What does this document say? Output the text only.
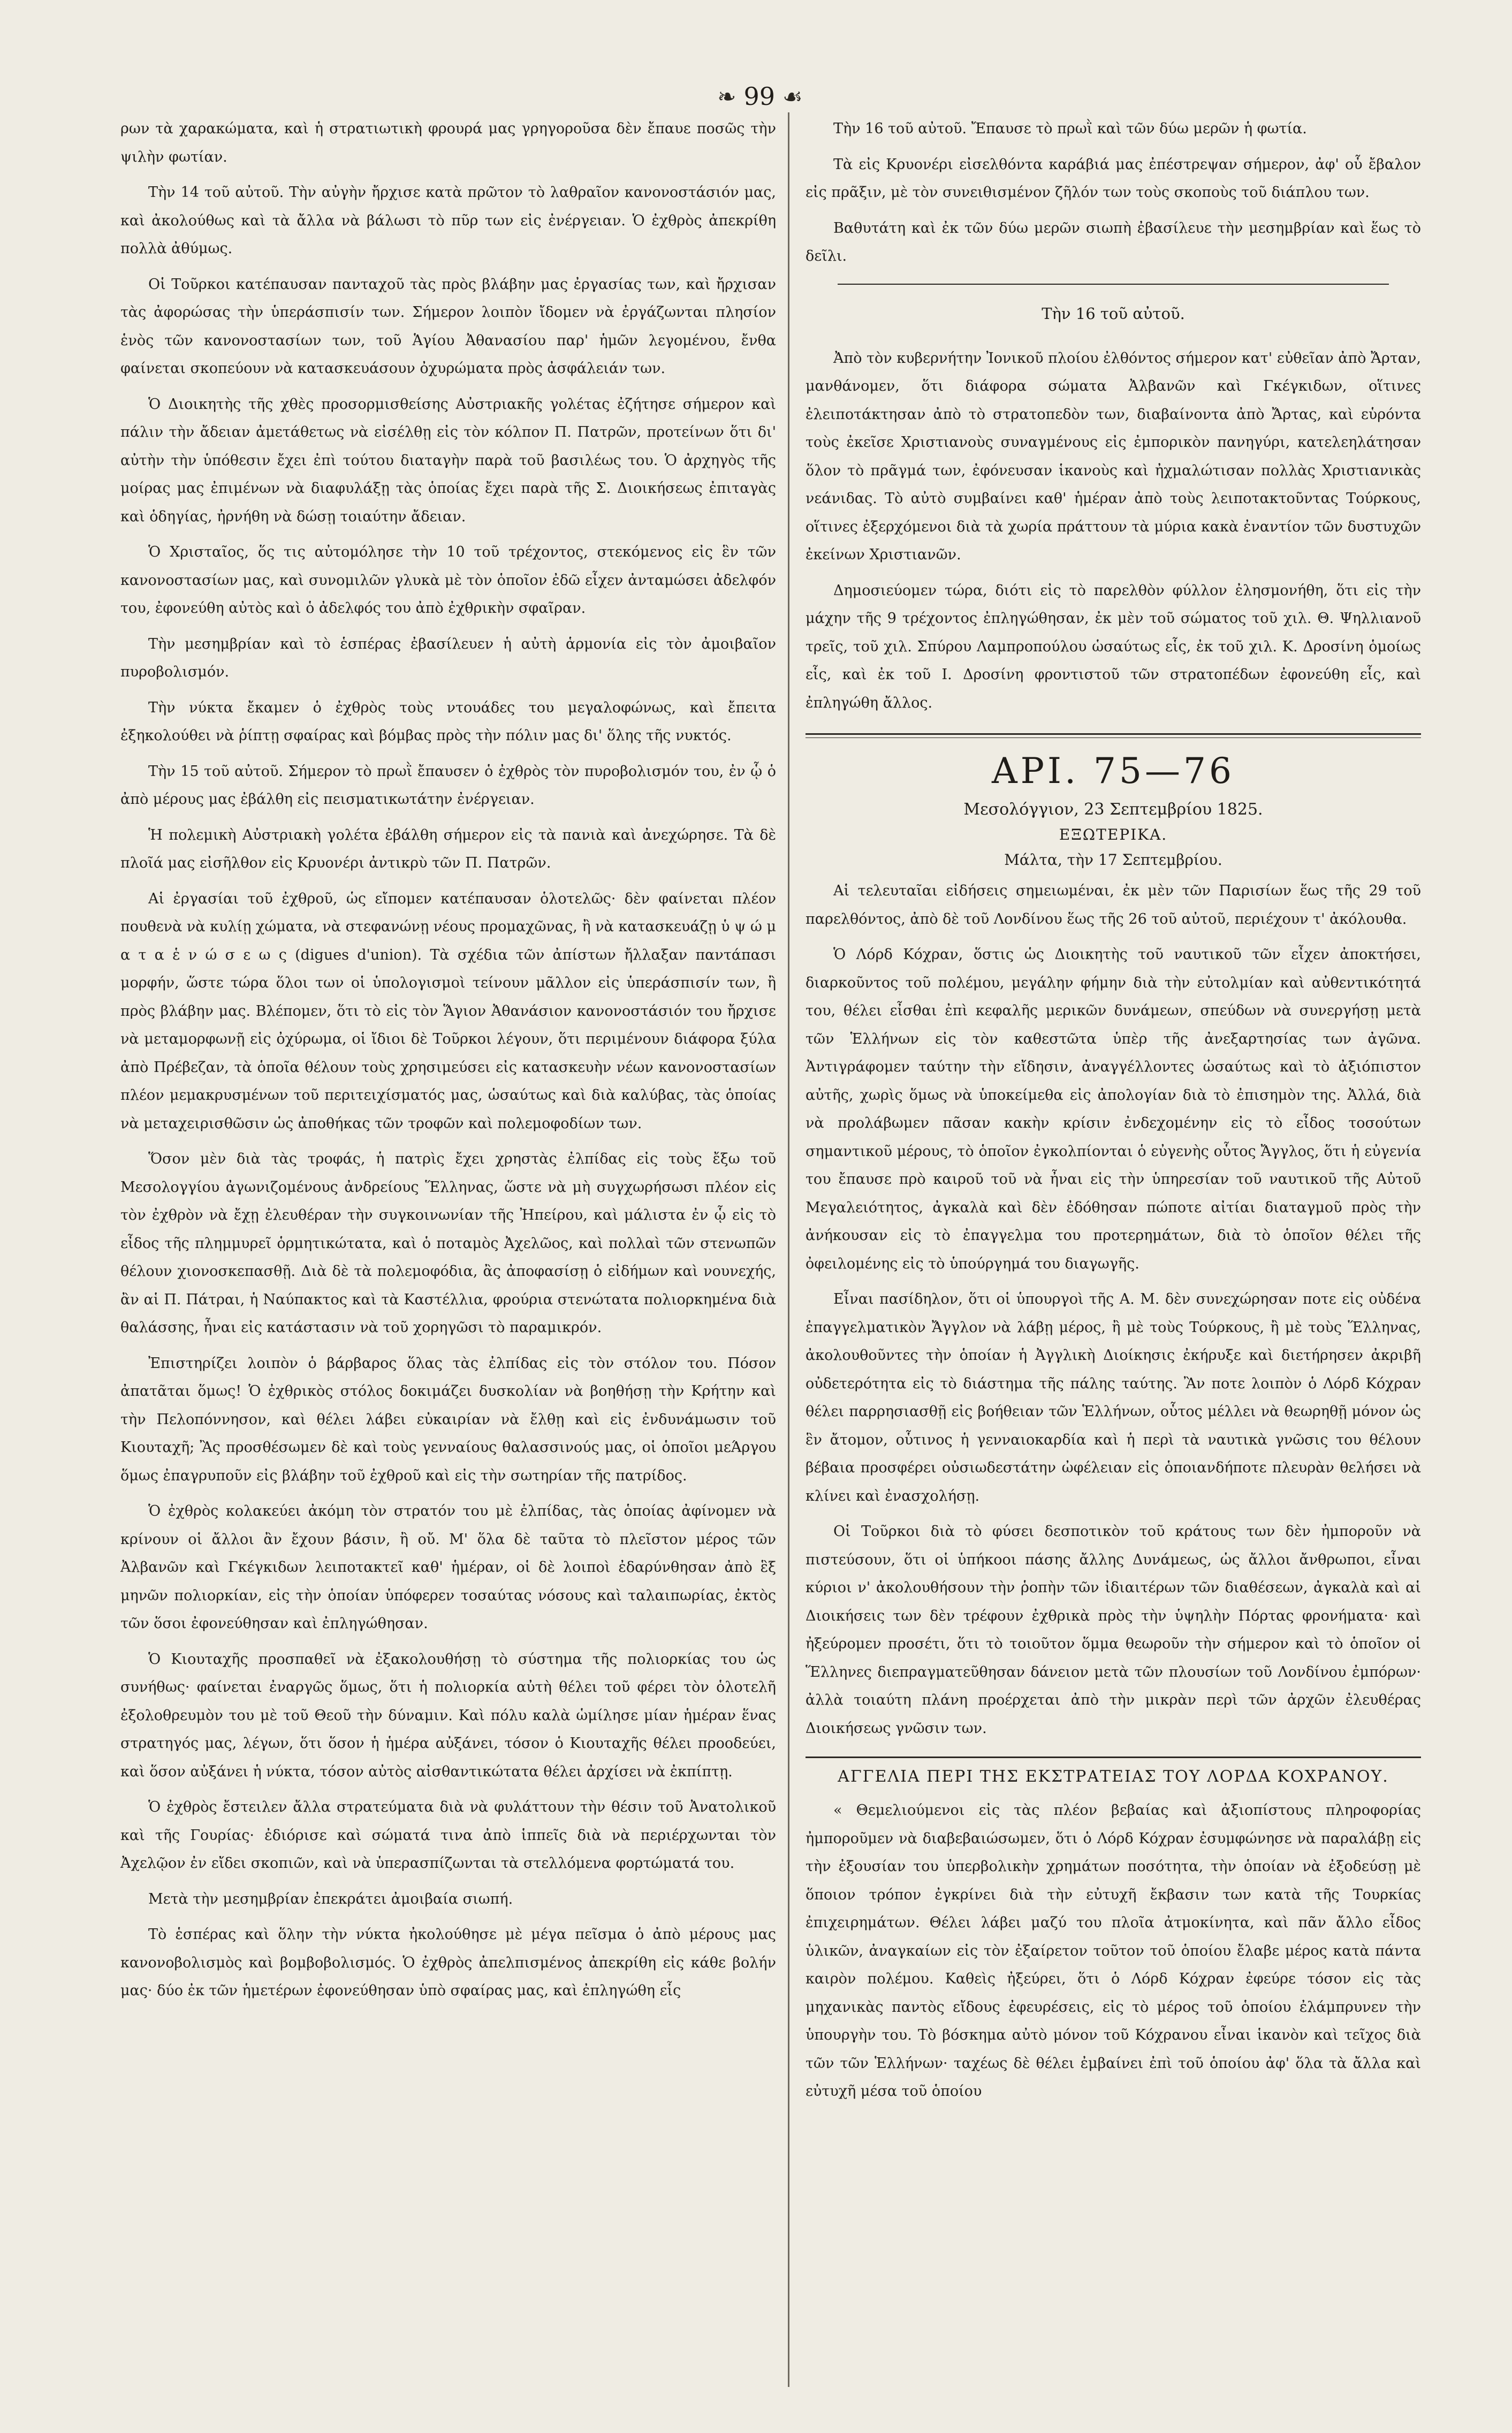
❧ 99 ☙

ρων τὰ χαρακώματα, καὶ ἡ στρατιωτικὴ φρουρά μας γρηγοροῦσα δὲν ἔπαυε ποσῶς τὴν ψιλὴν φωτίαν.

Τὴν 14 τοῦ αὐτοῦ. Τὴν αὐγὴν ἤρχισε κατὰ πρῶτον τὸ λαθραῖον κανονοστάσιόν μας, καὶ ἀκολούθως καὶ τὰ ἄλλα νὰ βάλωσι τὸ πῦρ των εἰς ἐνέργειαν. Ὁ ἐχθρὸς ἀπεκρίθη πολλὰ ἀθύμως.

Οἱ Τοῦρκοι κατέπαυσαν πανταχοῦ τὰς πρὸς βλάβην μας ἐργασίας των, καὶ ἤρχισαν τὰς ἀφορώσας τὴν ὑπεράσπισίν των. Σήμερον λοιπὸν ἴδομεν νὰ ἐργάζωνται πλησίον ἑνὸς τῶν κανονοστασίων των, τοῦ Ἁγίου Ἀθανασίου παρ' ἡμῶν λεγομένου, ἔνθα φαίνεται σκοπεύουν νὰ κατασκευάσουν ὀχυρώματα πρὸς ἀσφάλειάν των.

Ὁ Διοικητὴς τῆς χθὲς προσορμισθείσης Αὐστριακῆς γολέτας ἐζήτησε σήμερον καὶ πάλιν τὴν ἄδειαν ἀμετάθετως νὰ εἰσέλθῃ εἰς τὸν κόλπον Π. Πατρῶν, προτείνων ὅτι δι' αὐτὴν τὴν ὑπόθεσιν ἔχει ἐπὶ τούτου διαταγὴν παρὰ τοῦ βασιλέως του. Ὁ ἀρχηγὸς τῆς μοίρας μας ἐπιμένων νὰ διαφυλάξῃ τὰς ὁποίας ἔχει παρὰ τῆς Σ. Διοικήσεως ἐπιταγὰς καὶ ὁδηγίας, ἠρνήθη νὰ δώσῃ τοιαύτην ἄδειαν.

Ὁ Χρισταῖος, ὅς τις αὐτομόλησε τὴν 10 τοῦ τρέχοντος, στεκόμενος εἰς ἓν τῶν κανονοστασίων μας, καὶ συνομιλῶν γλυκὰ μὲ τὸν ὁποῖον ἐδῶ εἶχεν ἀνταμώσει ἀδελφόν του, ἐφονεύθη αὐτὸς καὶ ὁ ἀδελφός του ἀπὸ ἐχθρικὴν σφαῖραν.

Τὴν μεσημβρίαν καὶ τὸ ἑσπέρας ἐβασίλευεν ἡ αὐτὴ ἁρμονία εἰς τὸν ἀμοιβαῖον πυροβολισμόν.

Τὴν νύκτα ἔκαμεν ὁ ἐχθρὸς τοὺς ντουάδες του μεγαλοφώνως, καὶ ἔπειτα ἐξηκολούθει νὰ ῥίπτῃ σφαίρας καὶ βόμβας πρὸς τὴν πόλιν μας δι' ὅλης τῆς νυκτός.

Τὴν 15 τοῦ αὐτοῦ. Σήμερον τὸ πρωῒ ἔπαυσεν ὁ ἐχθρὸς τὸν πυροβολισμόν του, ἐν ᾧ ὁ ἀπὸ μέρους μας ἐβάλθη εἰς πεισματικωτάτην ἐνέργειαν.

Ἡ πολεμικὴ Αὐστριακὴ γολέτα ἐβάλθη σήμερον εἰς τὰ πανιὰ καὶ ἀνεχώρησε. Τὰ δὲ πλοῖά μας εἰσῆλθον εἰς Κρυονέρι ἀντικρὺ τῶν Π. Πατρῶν.

Αἱ ἐργασίαι τοῦ ἐχθροῦ, ὡς εἴπομεν κατέπαυσαν ὁλοτελῶς· δὲν φαίνεται πλέον πουθενὰ νὰ κυλίῃ χώματα, νὰ στεφανώνῃ νέους προμαχῶνας, ἢ νὰ κατασκευάζῃ ὑ ψ ώ μ α τ α ἑ ν ώ σ ε ω ς (digues d'union). Τὰ σχέδια τῶν ἀπίστων ἤλλαξαν παντάπασι μορφήν, ὥστε τώρα ὅλοι των οἱ ὑπολογισμοὶ τείνουν μᾶλλον εἰς ὑπεράσπισίν των, ἢ πρὸς βλάβην μας. Βλέπομεν, ὅτι τὸ εἰς τὸν Ἅγιον Ἀθανάσιον κανονοστάσιόν του ἤρχισε νὰ μεταμορφωνῇ εἰς ὀχύρωμα, οἱ ἴδιοι δὲ Τοῦρκοι λέγουν, ὅτι περιμένουν διάφορα ξύλα ἀπὸ Πρέβεζαν, τὰ ὁποῖα θέλουν τοὺς χρησιμεύσει εἰς κατασκευὴν νέων κανονοστασίων πλέον μεμακρυσμένων τοῦ περιτειχίσματός μας, ὡσαύτως καὶ διὰ καλύβας, τὰς ὁποίας νὰ μεταχειρισθῶσιν ὡς ἀποθήκας τῶν τροφῶν καὶ πολεμοφοδίων των.

Ὅσον μὲν διὰ τὰς τροφάς, ἡ πατρὶς ἔχει χρηστὰς ἐλπίδας εἰς τοὺς ἔξω τοῦ Μεσολογγίου ἀγωνιζομένους ἀνδρείους Ἕλληνας, ὥστε νὰ μὴ συγχωρήσωσι πλέον εἰς τὸν ἐχθρὸν νὰ ἔχῃ ἐλευθέραν τὴν συγκοινωνίαν τῆς Ἠπείρου, καὶ μάλιστα ἐν ᾧ εἰς τὸ εἶδος τῆς πλημμυρεῖ ὁρμητικώτατα, καὶ ὁ ποταμὸς Ἀχελῶος, καὶ πολλαὶ τῶν στενωπῶν θέλουν χιονοσκεπασθῇ. Διὰ δὲ τὰ πολεμοφόδια, ἂς ἀποφασίσῃ ὁ εἰδήμων καὶ νουνεχής, ἂν αἱ Π. Πάτραι, ἡ Ναύπακτος καὶ τὰ Καστέλλια, φρούρια στενώτατα πολιορκημένα διὰ θαλάσσης, ἦναι εἰς κατάστασιν νὰ τοῦ χορηγῶσι τὸ παραμικρόν.

Ἐπιστηρίζει λοιπὸν ὁ βάρβαρος ὅλας τὰς ἐλπίδας εἰς τὸν στόλον του. Πόσον ἀπατᾶται ὅμως! Ὁ ἐχθρικὸς στόλος δοκιμάζει δυσκολίαν νὰ βοηθήσῃ τὴν Κρήτην καὶ τὴν Πελοπόννησον, καὶ θέλει λάβει εὐκαιρίαν νὰ ἔλθῃ καὶ εἰς ἐνδυνάμωσιν τοῦ Κιουταχῆ; Ἂς προσθέσωμεν δὲ καὶ τοὺς γενναίους θαλασσινούς μας, οἱ ὁποῖοι μεΆργου ὅμως ἐπαγρυποῦν εἰς βλάβην τοῦ ἐχθροῦ καὶ εἰς τὴν σωτηρίαν τῆς πατρίδος.

Ὁ ἐχθρὸς κολακεύει ἀκόμη τὸν στρατόν του μὲ ἐλπίδας, τὰς ὁποίας ἀφίνομεν νὰ κρίνουν οἱ ἄλλοι ἂν ἔχουν βάσιν, ἢ οὔ. Μ' ὅλα δὲ ταῦτα τὸ πλεῖστον μέρος τῶν Ἀλβανῶν καὶ Γκέγκιδων λειποτακτεῖ καθ' ἡμέραν, οἱ δὲ λοιποὶ ἐδαρύνθησαν ἀπὸ ἓξ μηνῶν πολιορκίαν, εἰς τὴν ὁποίαν ὑπόφερεν τοσαύτας νόσους καὶ ταλαιπωρίας, ἐκτὸς τῶν ὅσοι ἐφονεύθησαν καὶ ἐπληγώθησαν.

Ὁ Κιουταχῆς προσπαθεῖ νὰ ἐξακολουθήσῃ τὸ σύστημα τῆς πολιορκίας του ὡς συνήθως· φαίνεται ἐναργῶς ὅμως, ὅτι ἡ πολιορκία αὐτὴ θέλει τοῦ φέρει τὸν ὁλοτελῆ ἐξολοθρευμὸν του μὲ τοῦ Θεοῦ τὴν δύναμιν. Καὶ πόλυ καλὰ ὡμίλησε μίαν ἡμέραν ἕνας στρατηγός μας, λέγων, ὅτι ὅσον ἡ ἡμέρα αὐξάνει, τόσον ὁ Κιουταχῆς θέλει προοδεύει, καὶ ὅσον αὐξάνει ἡ νύκτα, τόσον αὐτὸς αἰσθαντικώτατα θέλει ἀρχίσει νὰ ἐκπίπτῃ.

Ὁ ἐχθρὸς ἔστειλεν ἄλλα στρατεύματα διὰ νὰ φυλάττουν τὴν θέσιν τοῦ Ἀνατολικοῦ καὶ τῆς Γουρίας· ἐδιόρισε καὶ σώματά τινα ἀπὸ ἱππεῖς διὰ νὰ περιέρχωνται τὸν Ἀχελῷον ἐν εἴδει σκοπιῶν, καὶ νὰ ὑπερασπίζωνται τὰ στελλόμενα φορτώματά του.

Μετὰ τὴν μεσημβρίαν ἐπεκράτει ἀμοιβαία σιωπή.

Τὸ ἑσπέρας καὶ ὅλην τὴν νύκτα ἠκολούθησε μὲ μέγα πεῖσμα ὁ ἀπὸ μέρους μας κανονοβολισμὸς καὶ βομβοβολισμός. Ὁ ἐχθρὸς ἀπελπισμένος ἀπεκρίθη εἰς κάθε βολήν μας· δύο ἐκ τῶν ἡμετέρων ἐφονεύθησαν ὑπὸ σφαίρας μας, καὶ ἐπληγώθη εἷς

Τὴν 16 τοῦ αὐτοῦ. Ἔπαυσε τὸ πρωῒ καὶ τῶν δύω μερῶν ἡ φωτία.

Τὰ εἰς Κρυονέρι εἰσελθόντα καράβιά μας ἐπέστρεψαν σήμερον, ἀφ' οὗ ἔβαλον εἰς πρᾶξιν, μὲ τὸν συνειθισμένον ζῆλόν των τοὺς σκοποὺς τοῦ διάπλου των.

Βαθυτάτη καὶ ἐκ τῶν δύω μερῶν σιωπὴ ἐβασίλευε τὴν μεσημβρίαν καὶ ἕως τὸ δεῖλι.

Τὴν 16 τοῦ αὐτοῦ.

Ἀπὸ τὸν κυβερνήτην Ἰονικοῦ πλοίου ἐλθόντος σήμερον κατ' εὐθεῖαν ἀπὸ Ἄρταν, μανθάνομεν, ὅτι διάφορα σώματα Ἀλβανῶν καὶ Γκέγκιδων, οἵτινες ἐλειποτάκτησαν ἀπὸ τὸ στρατοπεδὸν των, διαβαίνοντα ἀπὸ Ἄρτας, καὶ εὑρόντα τοὺς ἐκεῖσε Χριστιανοὺς συναγμένους εἰς ἐμπορικὸν πανηγύρι, κατελεηλάτησαν ὅλον τὸ πρᾶγμά των, ἐφόνευσαν ἱκανοὺς καὶ ἠχμαλώτισαν πολλὰς Χριστιανικὰς νεάνιδας. Τὸ αὐτὸ συμβαίνει καθ' ἡμέραν ἀπὸ τοὺς λειποτακτοῦντας Τούρκους, οἵτινες ἐξερχόμενοι διὰ τὰ χωρία πράττουν τὰ μύρια κακὰ ἐναντίον τῶν δυστυχῶν ἐκείνων Χριστιανῶν.

Δημοσιεύομεν τώρα, διότι εἰς τὸ παρελθὸν φύλλον ἐλησμονήθη, ὅτι εἰς τὴν μάχην τῆς 9 τρέχοντος ἐπληγώθησαν, ἐκ μὲν τοῦ σώματος τοῦ χιλ. Θ. Ψηλλιανοῦ τρεῖς, τοῦ χιλ. Σπύρου Λαμπροπούλου ὡσαύτως εἷς, ἐκ τοῦ χιλ. Κ. Δροσίνη ὁμοίως εἷς, καὶ ἐκ τοῦ Ι. Δροσίνη φροντιστοῦ τῶν στρατοπέδων ἐφονεύθη εἷς, καὶ ἐπληγώθη ἄλλος.

ΑΡΙ. 75—76

Μεσολόγγιον, 23 Σεπτεμβρίου 1825.

ΕΞΩΤΕΡΙΚΑ.

Μάλτα, τὴν 17 Σεπτεμβρίου.

Αἱ τελευταῖαι εἰδήσεις σημειωμέναι, ἐκ μὲν τῶν Παρισίων ἕως τῆς 29 τοῦ παρελθόντος, ἀπὸ δὲ τοῦ Λονδίνου ἕως τῆς 26 τοῦ αὐτοῦ, περιέχουν τ' ἀκόλουθα.

Ὁ Λόρδ Κόχραν, ὅστις ὡς Διοικητὴς τοῦ ναυτικοῦ τῶν εἶχεν ἀποκτήσει, διαρκοῦντος τοῦ πολέμου, μεγάλην φήμην διὰ τὴν εὐτολμίαν καὶ αὐθεντικότητά του, θέλει εἶσθαι ἐπὶ κεφαλῆς μερικῶν δυνάμεων, σπεύδων νὰ συνεργήσῃ μετὰ τῶν Ἑλλήνων εἰς τὸν καθεστῶτα ὑπὲρ τῆς ἀνεξαρτησίας των ἀγῶνα. Ἀντιγράφομεν ταύτην τὴν εἴδησιν, ἀναγγέλλοντες ὡσαύτως καὶ τὸ ἀξιόπιστον αὐτῆς, χωρὶς ὅμως νὰ ὑποκείμεθα εἰς ἀπολογίαν διὰ τὸ ἐπισημὸν της. Ἀλλά, διὰ νὰ προλάβωμεν πᾶσαν κακὴν κρίσιν ἐνδεχομένην εἰς τὸ εἶδος τοσούτων σημαντικοῦ μέρους, τὸ ὁποῖον ἐγκολπίονται ὁ εὐγενὴς οὗτος Ἄγγλος, ὅτι ἡ εὐγενία του ἔπαυσε πρὸ καιροῦ τοῦ νὰ ἦναι εἰς τὴν ὑπηρεσίαν τοῦ ναυτικοῦ τῆς Αὐτοῦ Μεγαλειότητος, ἀγκαλὰ καὶ δὲν ἐδόθησαν πώποτε αἰτίαι διαταγμοῦ πρὸς τὴν ἀνήκουσαν εἰς τὸ ἐπαγγελμα του προτερημάτων, διὰ τὸ ὁποῖον θέλει τῆς ὀφειλομένης εἰς τὸ ὑπούργημά του διαγωγῆς.

Εἶναι πασίδηλον, ὅτι οἱ ὑπουργοὶ τῆς Α. Μ. δὲν συνεχώρησαν ποτε εἰς οὐδένα ἐπαγγελματικὸν Ἄγγλον νὰ λάβῃ μέρος, ἢ μὲ τοὺς Τούρκους, ἢ μὲ τοὺς Ἕλληνας, ἀκολουθοῦντες τὴν ὁποίαν ἡ Ἀγγλικὴ Διοίκησις ἐκήρυξε καὶ διετήρησεν ἀκριβῆ οὐδετερότητα εἰς τὸ διάστημα τῆς πάλης ταύτης. Ἂν ποτε λοιπὸν ὁ Λόρδ Κόχραν θέλει παρρησιασθῇ εἰς βοήθειαν τῶν Ἑλλήνων, οὗτος μέλλει νὰ θεωρηθῇ μόνον ὡς ἓν ἄτομον, οὗτινος ἡ γενναιοκαρδία καὶ ἡ περὶ τὰ ναυτικὰ γνῶσις του θέλουν βέβαια προσφέρει οὐσιωδεστάτην ὠφέλειαν εἰς ὁποιανδήποτε πλευρὰν θελήσει νὰ κλίνει καὶ ἐνασχολήσῃ.

Οἱ Τοῦρκοι διὰ τὸ φύσει δεσποτικὸν τοῦ κράτους των δὲν ἠμποροῦν νὰ πιστεύσουν, ὅτι οἱ ὑπήκοοι πάσης ἄλλης Δυνάμεως, ὡς ἄλλοι ἄνθρωποι, εἶναι κύριοι ν' ἀκολουθήσουν τὴν ῥοπὴν τῶν ἰδιαιτέρων τῶν διαθέσεων, ἀγκαλὰ καὶ αἱ Διοικήσεις των δὲν τρέφουν ἐχθρικὰ πρὸς τὴν ὑψηλὴν Πόρτας φρονήματα· καὶ ἠξεύρομεν προσέτι, ὅτι τὸ τοιοῦτον ὅμμα θεωροῦν τὴν σήμερον καὶ τὸ ὁποῖον οἱ Ἕλληνες διεπραγματεῦθησαν δάνειον μετὰ τῶν πλουσίων τοῦ Λονδίνου ἐμπόρων· ἀλλὰ τοιαύτη πλάνη προέρχεται ἀπὸ τὴν μικρὰν περὶ τῶν ἀρχῶν ἐλευθέρας Διοικήσεως γνῶσιν των.

ΑΓΓΕΛΙΑ ΠΕΡΙ ΤΗΣ ΕΚΣΤΡΑΤΕΙΑΣ ΤΟΥ ΛΟΡΔΑ ΚΟΧΡΑΝΟΥ.

« Θεμελιούμενοι εἰς τὰς πλέον βεβαίας καὶ ἀξιοπίστους πληροφορίας ἠμποροῦμεν νὰ διαβεβαιώσωμεν, ὅτι ὁ Λόρδ Κόχραν ἐσυμφώνησε νὰ παραλάβῃ εἰς τὴν ἐξουσίαν του ὑπερβολικὴν χρημάτων ποσότητα, τὴν ὁποίαν νὰ ἐξοδεύσῃ μὲ ὅποιον τρόπον ἐγκρίνει διὰ τὴν εὐτυχῆ ἔκβασιν των κατὰ τῆς Τουρκίας ἐπιχειρημάτων. Θέλει λάβει μαζύ του πλοῖα ἀτμοκίνητα, καὶ πᾶν ἄλλο εἶδος ὑλικῶν, ἀναγκαίων εἰς τὸν ἐξαίρετον τοῦτον τοῦ ὁποίου ἔλαβε μέρος κατὰ πάντα καιρὸν πολέμου. Καθεὶς ἠξεύρει, ὅτι ὁ Λόρδ Κόχραν ἐφεύρε τόσον εἰς τὰς μηχανικὰς παντὸς εἴδους ἐφευρέσεις, εἰς τὸ μέρος τοῦ ὁποίου ἐλάμπρυνεν τὴν ὑπουργὴν του. Τὸ βόσκημα αὐτὸ μόνον τοῦ Κόχρανου εἶναι ἱκανὸν καὶ τεῖχος διὰ τῶν τῶν Ἑλλήνων· ταχέως δὲ θέλει ἐμβαίνει ἐπὶ τοῦ ὁποίου ἀφ' ὅλα τὰ ἄλλα καὶ εὐτυχῆ μέσα τοῦ ὁποίου
